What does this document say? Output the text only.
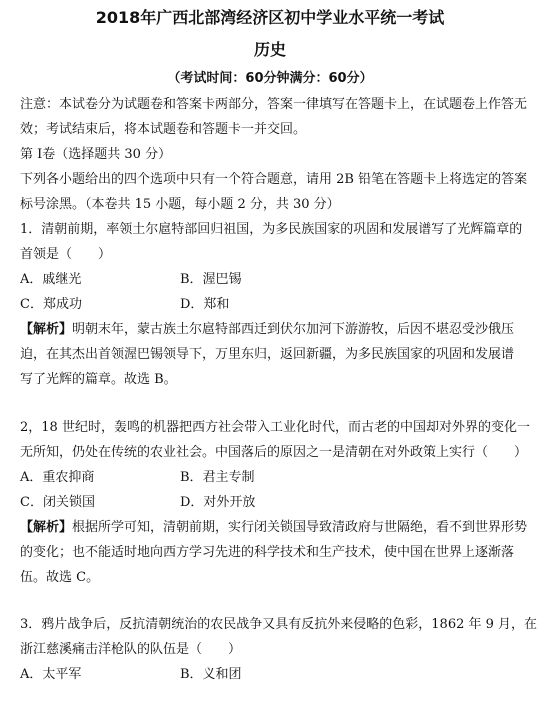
2018年广西北部湾经济区初中学业水平统一考试
历史
（考试时间：60分钟满分：60分）
注意：本试卷分为试题卷和答案卡两部分，答案一律填写在答题卡上，在试题卷上作答无
效；考试结束后，将本试题卷和答题卡一并交回。
第 Ⅰ卷（选择题共 30 分）
下列各小题给出的四个选项中只有一个符合题意，请用 2B 铅笔在答题卡上将选定的答案
标号涂黑。（本卷共 15 小题，每小题 2 分，共 30 分）
1．清朝前期，率领土尔扈特部回归祖国，为多民族国家的巩固和发展谱写了光辉篇章的
首领是（　　）
A．戚继光	B．渥巴锡
C．郑成功	D．郑和
【解析】明朝末年，蒙古族土尔扈特部西迁到伏尔加河下游游牧，后因不堪忍受沙俄压
迫，在其杰出首领渥巴锡领导下，万里东归，返回新疆，为多民族国家的巩固和发展谱
写了光辉的篇章。故选 B。
2，18 世纪时，轰鸣的机器把西方社会带入工业化时代，而古老的中国却对外界的变化一
无所知，仍处在传统的农业社会。中国落后的原因之一是清朝在对外政策上实行（　　）
A．重农抑商	B．君主专制
C．闭关锁国	D．对外开放
【解析】根据所学可知，清朝前期，实行闭关锁国导致清政府与世隔绝，看不到世界形势
的变化；也不能适时地向西方学习先进的科学技术和生产技术，使中国在世界上逐渐落
伍。故选 C。
3．鸦片战争后，反抗清朝统治的农民战争又具有反抗外来侵略的色彩，1862 年 9 月，在
浙江慈溪痛击洋枪队的队伍是（　　）
A．太平军	B．义和团
